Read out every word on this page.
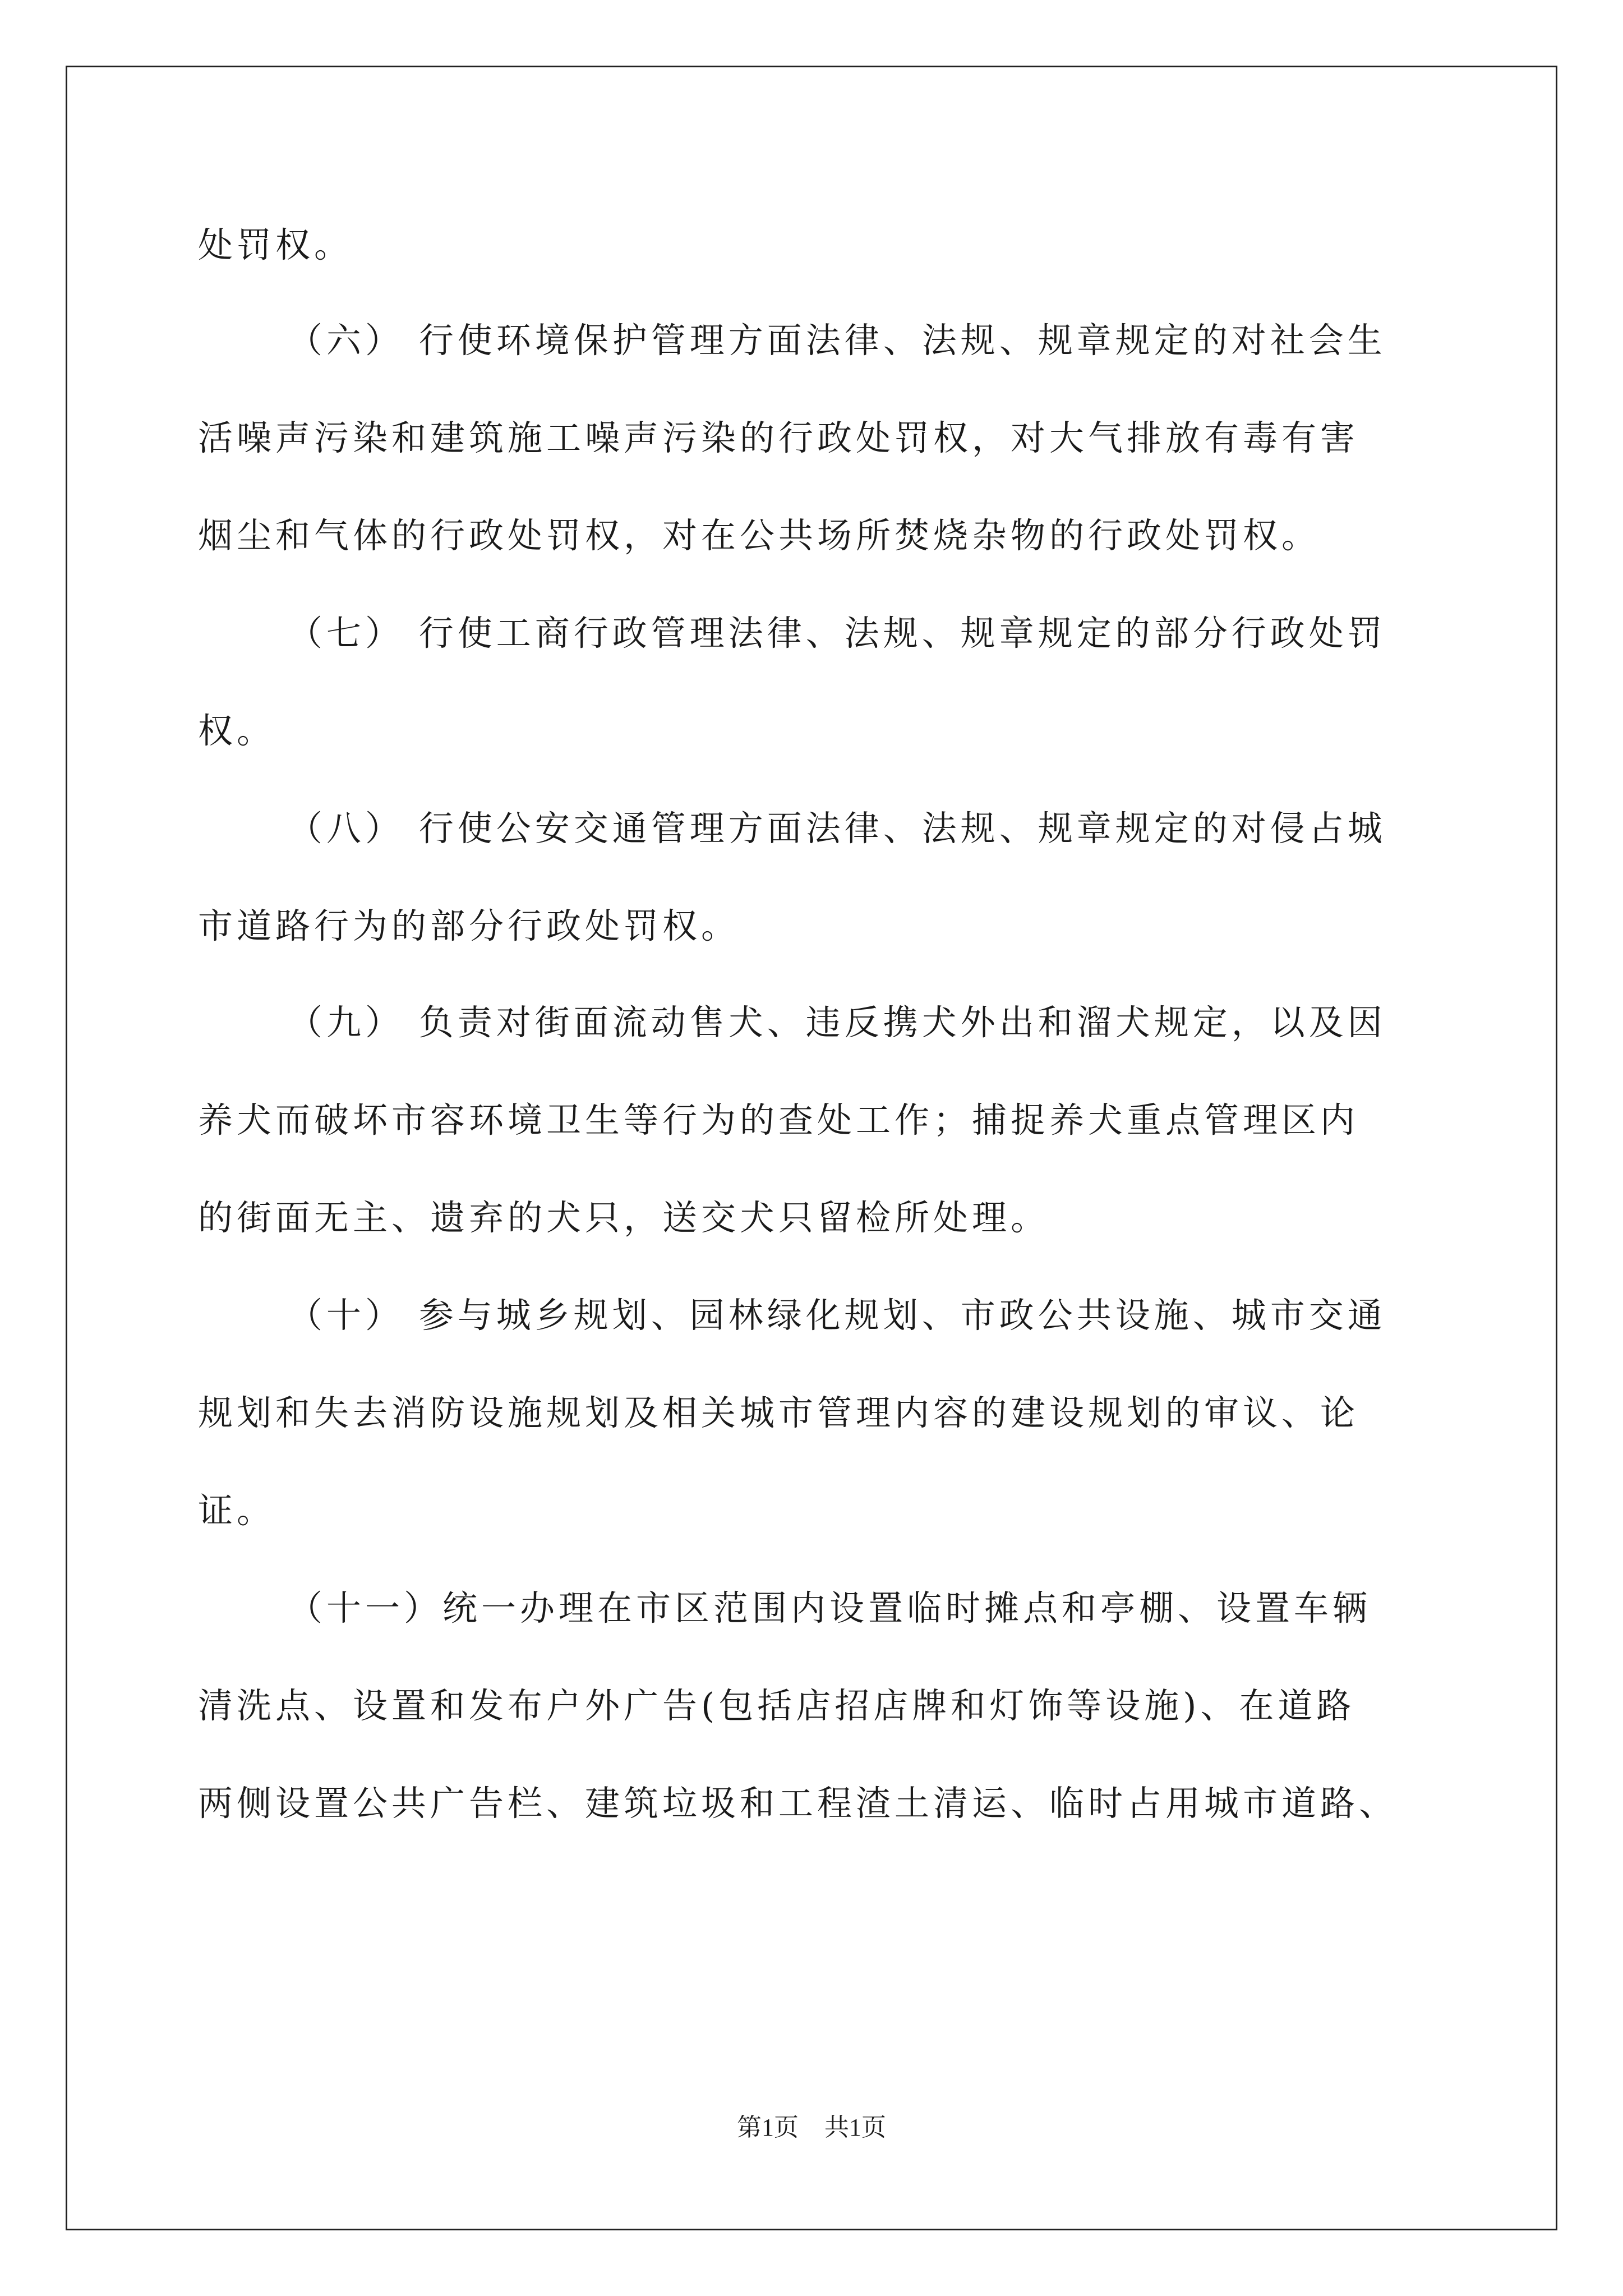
处罚权。
（六） 行使环境保护管理方面法律、法规、规章规定的对社会生
活噪声污染和建筑施工噪声污染的行政处罚权，对大气排放有毒有害
烟尘和气体的行政处罚权，对在公共场所焚烧杂物的行政处罚权。
（七） 行使工商行政管理法律、法规、规章规定的部分行政处罚
权。
（八） 行使公安交通管理方面法律、法规、规章规定的对侵占城
市道路行为的部分行政处罚权。
（九） 负责对街面流动售犬、违反携犬外出和溜犬规定，以及因
养犬而破坏市容环境卫生等行为的查处工作；捕捉养犬重点管理区内
的街面无主、遗弃的犬只，送交犬只留检所处理。
（十） 参与城乡规划、园林绿化规划、市政公共设施、城市交通
规划和失去消防设施规划及相关城市管理内容的建设规划的审议、论
证。
（十一）统一办理在市区范围内设置临时摊点和亭棚、设置车辆
清洗点、设置和发布户外广告(包括店招店牌和灯饰等设施)、在道路
两侧设置公共广告栏、建筑垃圾和工程渣土清运、临时占用城市道路、
第1页 共1页
